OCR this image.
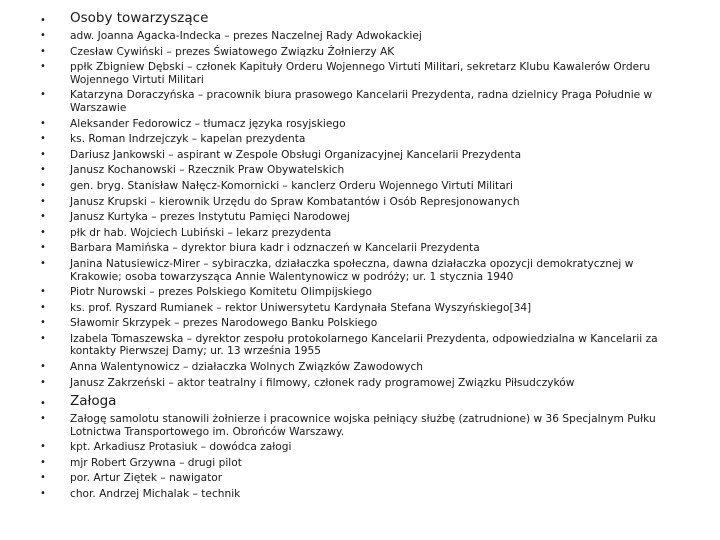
• Osoby towarzyszące
• adw. Joanna Agacka-Indecka – prezes Naczelnej Rady Adwokackiej
• Czesław Cywiński – prezes Światowego Związku Żołnierzy AK
• ppłk Zbigniew Dębski – członek Kapituły Orderu Wojennego Virtuti Militari, sekretarz Klubu Kawalerów Orderu Wojennego Virtuti Militari
• Katarzyna Doraczyńska – pracownik biura prasowego Kancelarii Prezydenta, radna dzielnicy Praga Południe w Warszawie
• Aleksander Fedorowicz – tłumacz języka rosyjskiego
• ks. Roman Indrzejczyk – kapelan prezydenta
• Dariusz Jankowski – aspirant w Zespole Obsługi Organizacyjnej Kancelarii Prezydenta
• Janusz Kochanowski – Rzecznik Praw Obywatelskich
• gen. bryg. Stanisław Nałęcz-Komornicki – kanclerz Orderu Wojennego Virtuti Militari
• Janusz Krupski – kierownik Urzędu do Spraw Kombatantów i Osób Represjonowanych
• Janusz Kurtyka – prezes Instytutu Pamięci Narodowej
• płk dr hab. Wojciech Lubiński – lekarz prezydenta
• Barbara Mamińska – dyrektor biura kadr i odznaczeń w Kancelarii Prezydenta
• Janina Natusiewicz-Mirer – sybiraczka, działaczka społeczna, dawna działaczka opozycji demokratycznej w Krakowie; osoba towarzysząca Annie Walentynowicz w podróży; ur. 1 stycznia 1940
• Piotr Nurowski – prezes Polskiego Komitetu Olimpijskiego
• ks. prof. Ryszard Rumianek – rektor Uniwersytetu Kardynała Stefana Wyszyńskiego[34]
• Sławomir Skrzypek – prezes Narodowego Banku Polskiego
• Izabela Tomaszewska – dyrektor zespołu protokolarnego Kancelarii Prezydenta, odpowiedzialna w Kancelarii za kontakty Pierwszej Damy; ur. 13 września 1955
• Anna Walentynowicz – działaczka Wolnych Związków Zawodowych
• Janusz Zakrzeński – aktor teatralny i filmowy, członek rady programowej Związku Piłsudczyków
• Załoga
• Załogę samolotu stanowili żołnierze i pracownice wojska pełniący służbę (zatrudnione) w 36 Specjalnym Pułku Lotnictwa Transportowego im. Obrońców Warszawy.
• kpt. Arkadiusz Protasiuk – dowódca załogi
• mjr Robert Grzywna – drugi pilot
• por. Artur Ziętek – nawigator
• chor. Andrzej Michalak – technik
